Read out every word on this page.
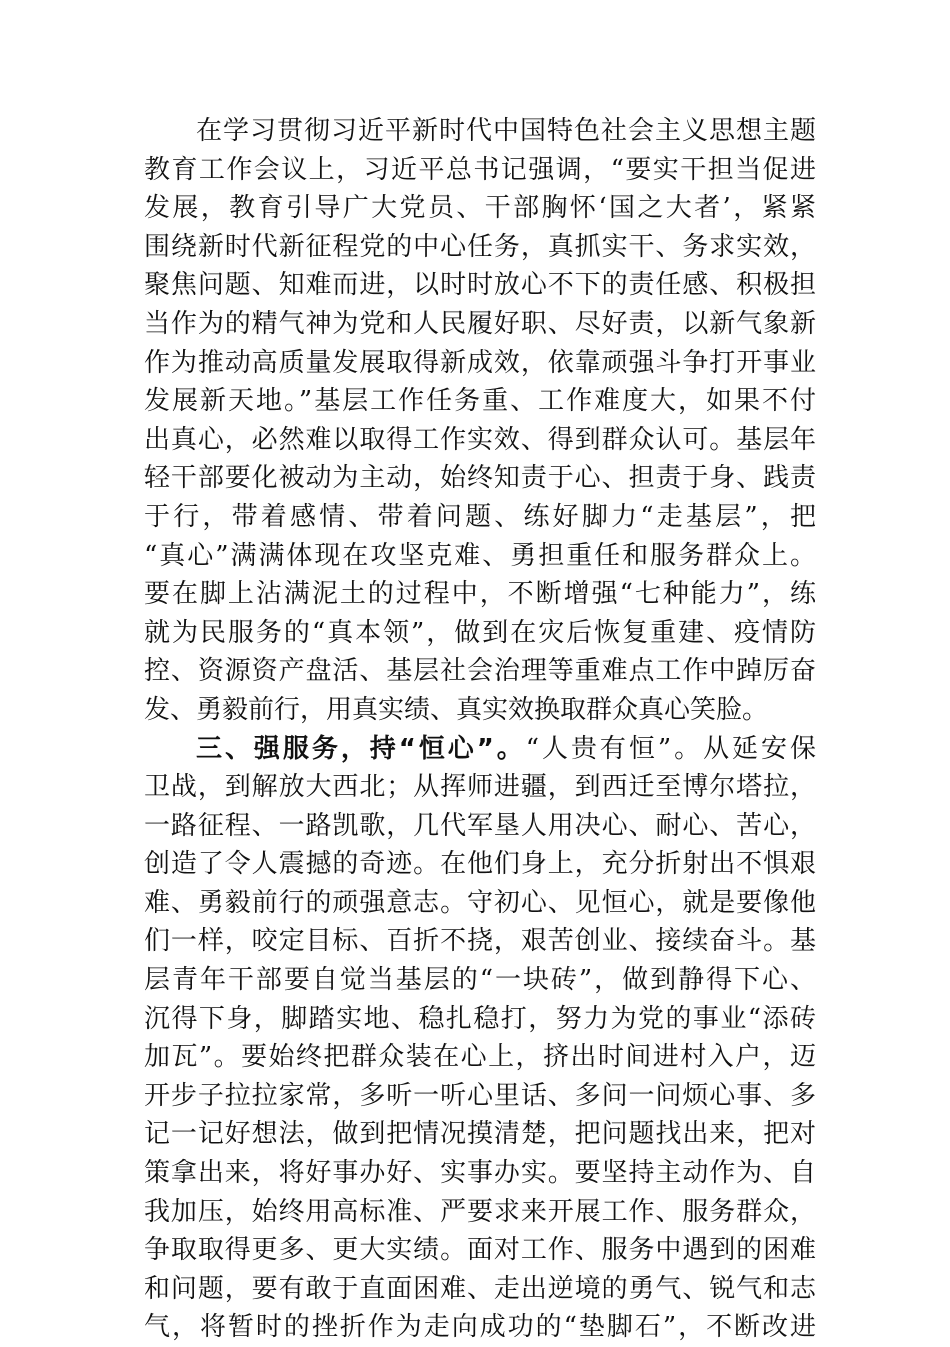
在学习贯彻习近平新时代中国特色社会主义思想主题
教育工作会议上，习近平总书记强调，“要实干担当促进
发展，教育引导广大党员、干部胸怀‘国之大者’，紧紧
围绕新时代新征程党的中心任务，真抓实干、务求实效，
聚焦问题、知难而进，以时时放心不下的责任感、积极担
当作为的精气神为党和人民履好职、尽好责，以新气象新
作为推动高质量发展取得新成效，依靠顽强斗争打开事业
发展新天地。”基层工作任务重、工作难度大，如果不付
出真心，必然难以取得工作实效、得到群众认可。基层年
轻干部要化被动为主动，始终知责于心、担责于身、践责
于行，带着感情、带着问题、练好脚力“走基层”，把
“真心”满满体现在攻坚克难、勇担重任和服务群众上。
要在脚上沾满泥土的过程中，不断增强“七种能力”，练
就为民服务的“真本领”，做到在灾后恢复重建、疫情防
控、资源资产盘活、基层社会治理等重难点工作中踔厉奋
发、勇毅前行，用真实绩、真实效换取群众真心笑脸。
三、强服务，持“恒心”。“人贵有恒”。从延安保
卫战，到解放大西北；从挥师进疆，到西迁至博尔塔拉，
一路征程、一路凯歌，几代军垦人用决心、耐心、苦心，
创造了令人震撼的奇迹。在他们身上，充分折射出不惧艰
难、勇毅前行的顽强意志。守初心、见恒心，就是要像他
们一样，咬定目标、百折不挠，艰苦创业、接续奋斗。基
层青年干部要自觉当基层的“一块砖”，做到静得下心、
沉得下身，脚踏实地、稳扎稳打，努力为党的事业“添砖
加瓦”。要始终把群众装在心上，挤出时间进村入户，迈
开步子拉拉家常，多听一听心里话、多问一问烦心事、多
记一记好想法，做到把情况摸清楚，把问题找出来，把对
策拿出来，将好事办好、实事办实。要坚持主动作为、自
我加压，始终用高标准、严要求来开展工作、服务群众，
争取取得更多、更大实绩。面对工作、服务中遇到的困难
和问题，要有敢于直面困难、走出逆境的勇气、锐气和志
气，将暂时的挫折作为走向成功的“垫脚石”，不断改进
